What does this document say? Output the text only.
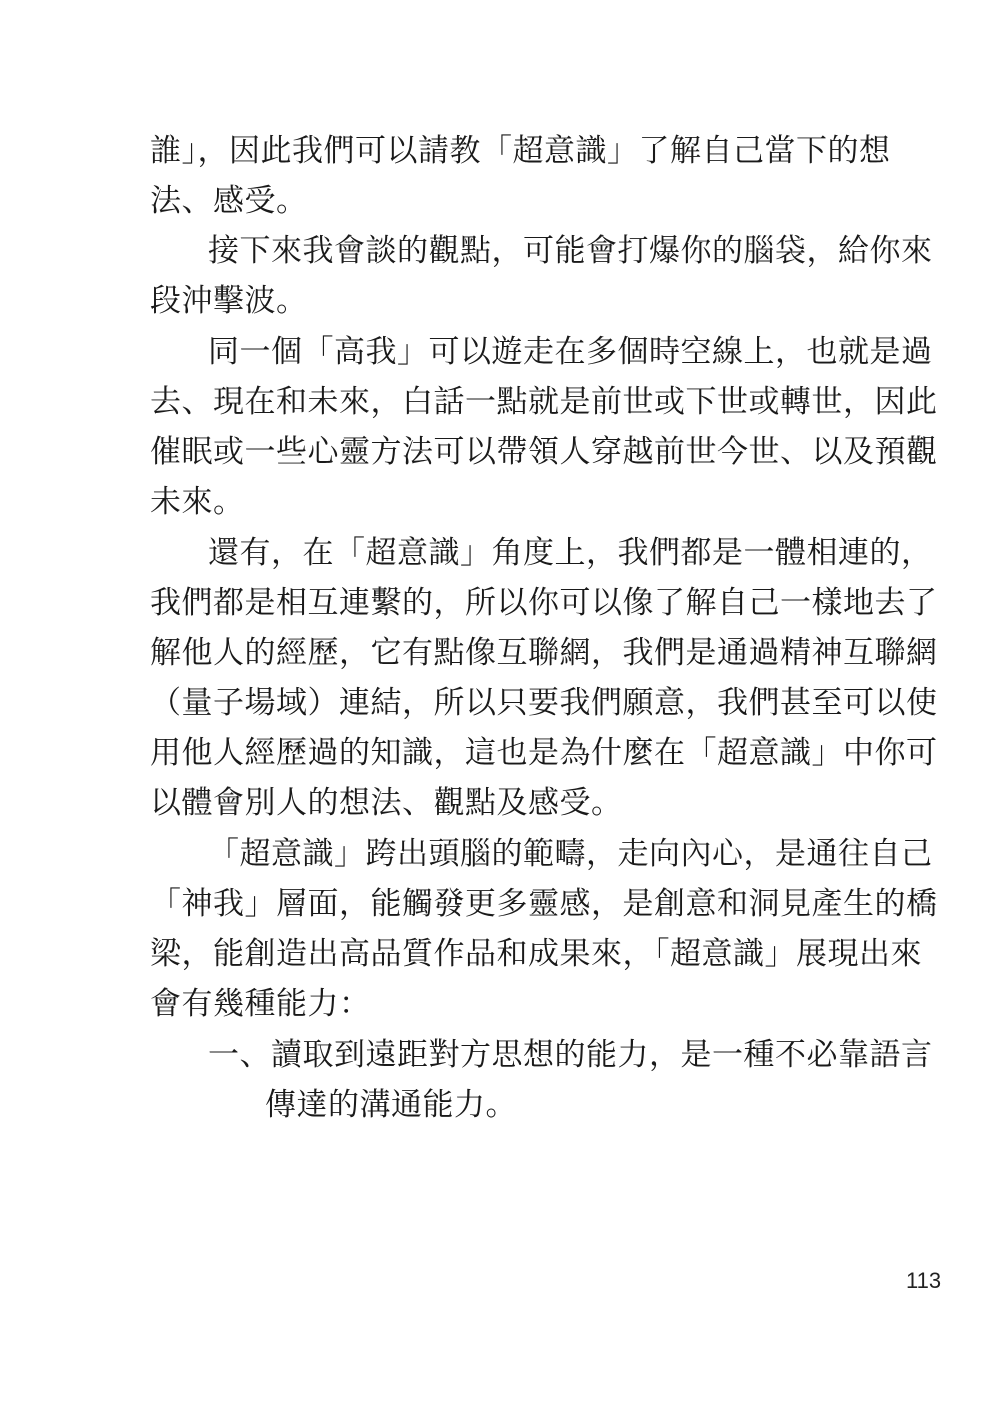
誰」，因此我們可以請教「超意識」了解自己當下的想
法、感受。
接下來我會談的觀點，可能會打爆你的腦袋，給你來
段沖擊波。
同一個「高我」可以遊走在多個時空線上，也就是過
去、現在和未來，白話一點就是前世或下世或轉世，因此
催眠或一些心靈方法可以帶領人穿越前世今世、以及預觀
未來。
還有，在「超意識」角度上，我們都是一體相連的，
我們都是相互連繫的，所以你可以像了解自己一樣地去了
解他人的經歷，它有點像互聯網，我們是通過精神互聯網
（量子場域）連結，所以只要我們願意，我們甚至可以使
用他人經歷過的知識，這也是為什麼在「超意識」中你可
以體會別人的想法、觀點及感受。
「超意識」跨出頭腦的範疇，走向內心，是通往自己
「神我」層面，能觸發更多靈感，是創意和洞見產生的橋
梁，能創造出高品質作品和成果來，「超意識」展現出來
會有幾種能力：
一、讀取到遠距對方思想的能力，是一種不必靠語言
傳達的溝通能力。
113
